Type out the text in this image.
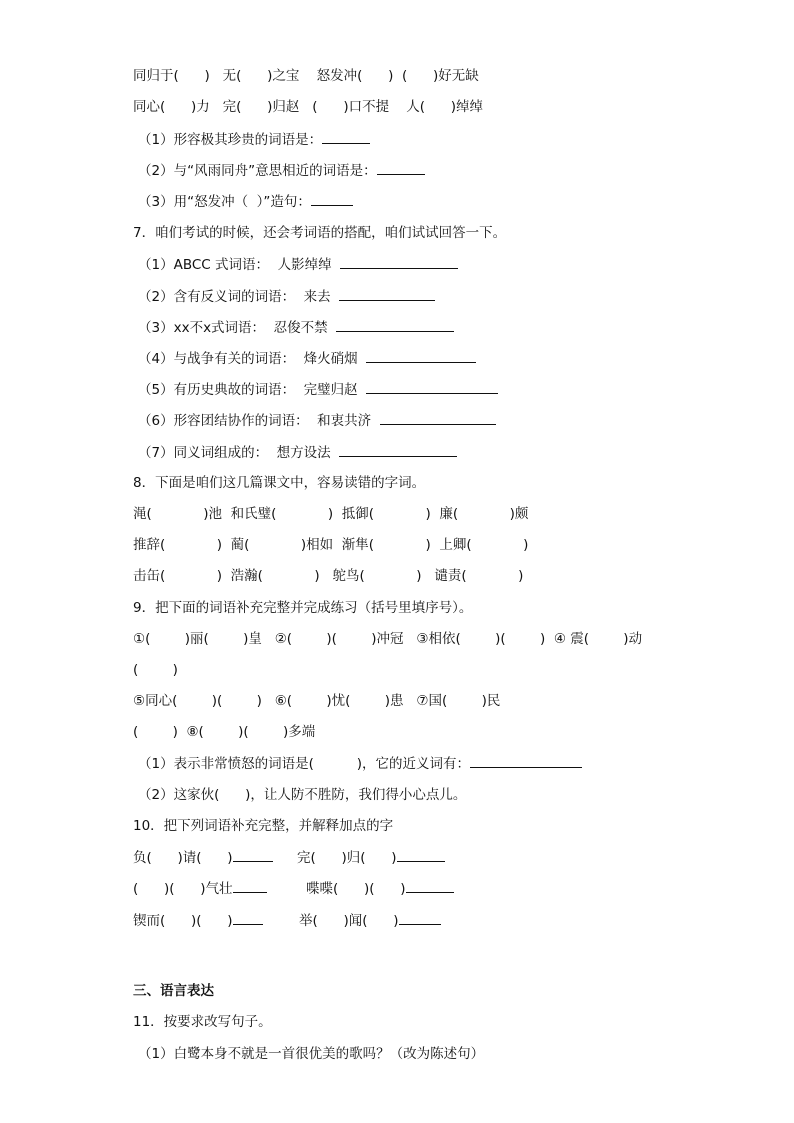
同归于(      )   无(      )之宝    怒发冲(      )  (      )好无缺
同心(      )力   完(      )归赵   (      )口不提    人(      )绰绰
（1）形容极其珍贵的词语是：
（2）与“风雨同舟”意思相近的词语是：
（3）用“怒发冲（  ）”造句：
7．咱们考试的时候，还会考词语的搭配，咱们试试回答一下。
（1）ABCC 式词语：  人影绰绰
（2）含有反义词的词语：  来去
（3）xx不x式词语：  忍俊不禁
（4）与战争有关的词语：  烽火硝烟
（5）有历史典故的词语：  完璧归赵
（6）形容团结协作的词语：  和衷共济
（7）同义词组成的：  想方设法
8．下面是咱们这几篇课文中，容易读错的字词。
渑(            )池  和氏璧(            )  抵御(            )  廉(            )颇
推辞(            )  蔺(            )相如  渐隼(            )  上卿(            )
击缶(            )  浩瀚(            )   鸵鸟(            )   谴责(            )
9．把下面的词语补充完整并完成练习（括号里填序号）。
①(        )丽(        )皇   ②(        )(        )冲冠   ③相依(        )(        )  ④ 震(        )动
(        )
⑤同心(        )(        )   ⑥(        )忧(        )患   ⑦国(        )民
(        )  ⑧(        )(        )多端
（1）表示非常愤怒的词语是(          )，它的近义词有：
（2）这家伙(      )，让人防不胜防，我们得小心点儿。
10．把下列词语补充完整，并解释加点的字
负(      )请(      )	完(      )归(      )
(      )(      )气壮	喋喋(      )(      )
锲而(      )(      )	举(      )闻(      )
三、语言表达
11．按要求改写句子。
（1）白鹭本身不就是一首很优美的歌吗？（改为陈述句）
